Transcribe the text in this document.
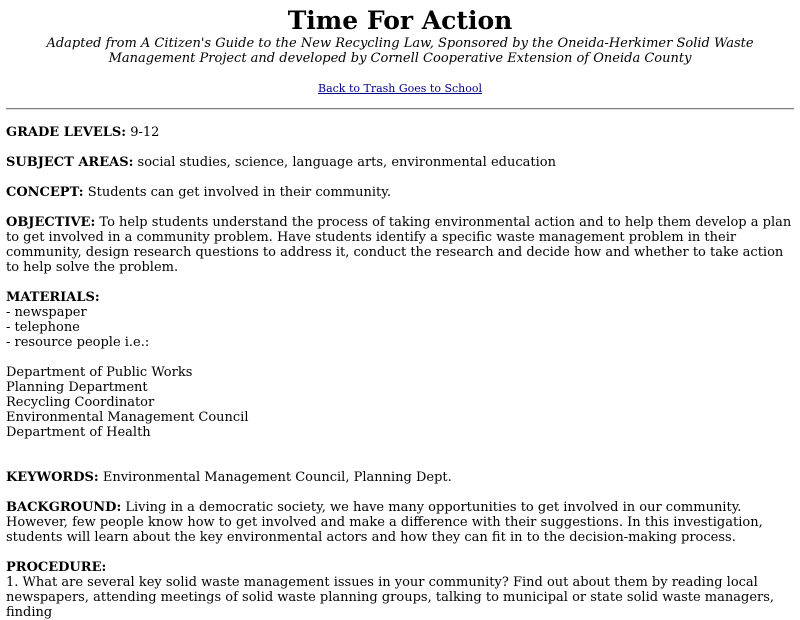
Time For Action
Adapted from A Citizen's Guide to the New Recycling Law, Sponsored by the Oneida-Herkimer Solid Waste Management Project and developed by Cornell Cooperative Extension of Oneida County
Back to Trash Goes to School
GRADE LEVELS: 9-12
SUBJECT AREAS: social studies, science, language arts, environmental education
CONCEPT: Students can get involved in their community.
OBJECTIVE: To help students understand the process of taking environmental action and to help them develop a plan to get involved in a community problem. Have students identify a specific waste management problem in their community, design research questions to address it, conduct the research and decide how and whether to take action to help solve the problem.
MATERIALS:
- newspaper
- telephone
- resource people i.e.:
Department of Public Works
Planning Department
Recycling Coordinator
Environmental Management Council
Department of Health
KEYWORDS: Environmental Management Council, Planning Dept.
BACKGROUND: Living in a democratic society, we have many opportunities to get involved in our community. However, few people know how to get involved and make a difference with their suggestions. In this investigation, students will learn about the key environmental actors and how they can fit in to the decision-making process.
PROCEDURE:
1. What are several key solid waste management issues in your community? Find out about them by reading local newspapers, attending meetings of solid waste planning groups, talking to municipal or state solid waste managers, finding
